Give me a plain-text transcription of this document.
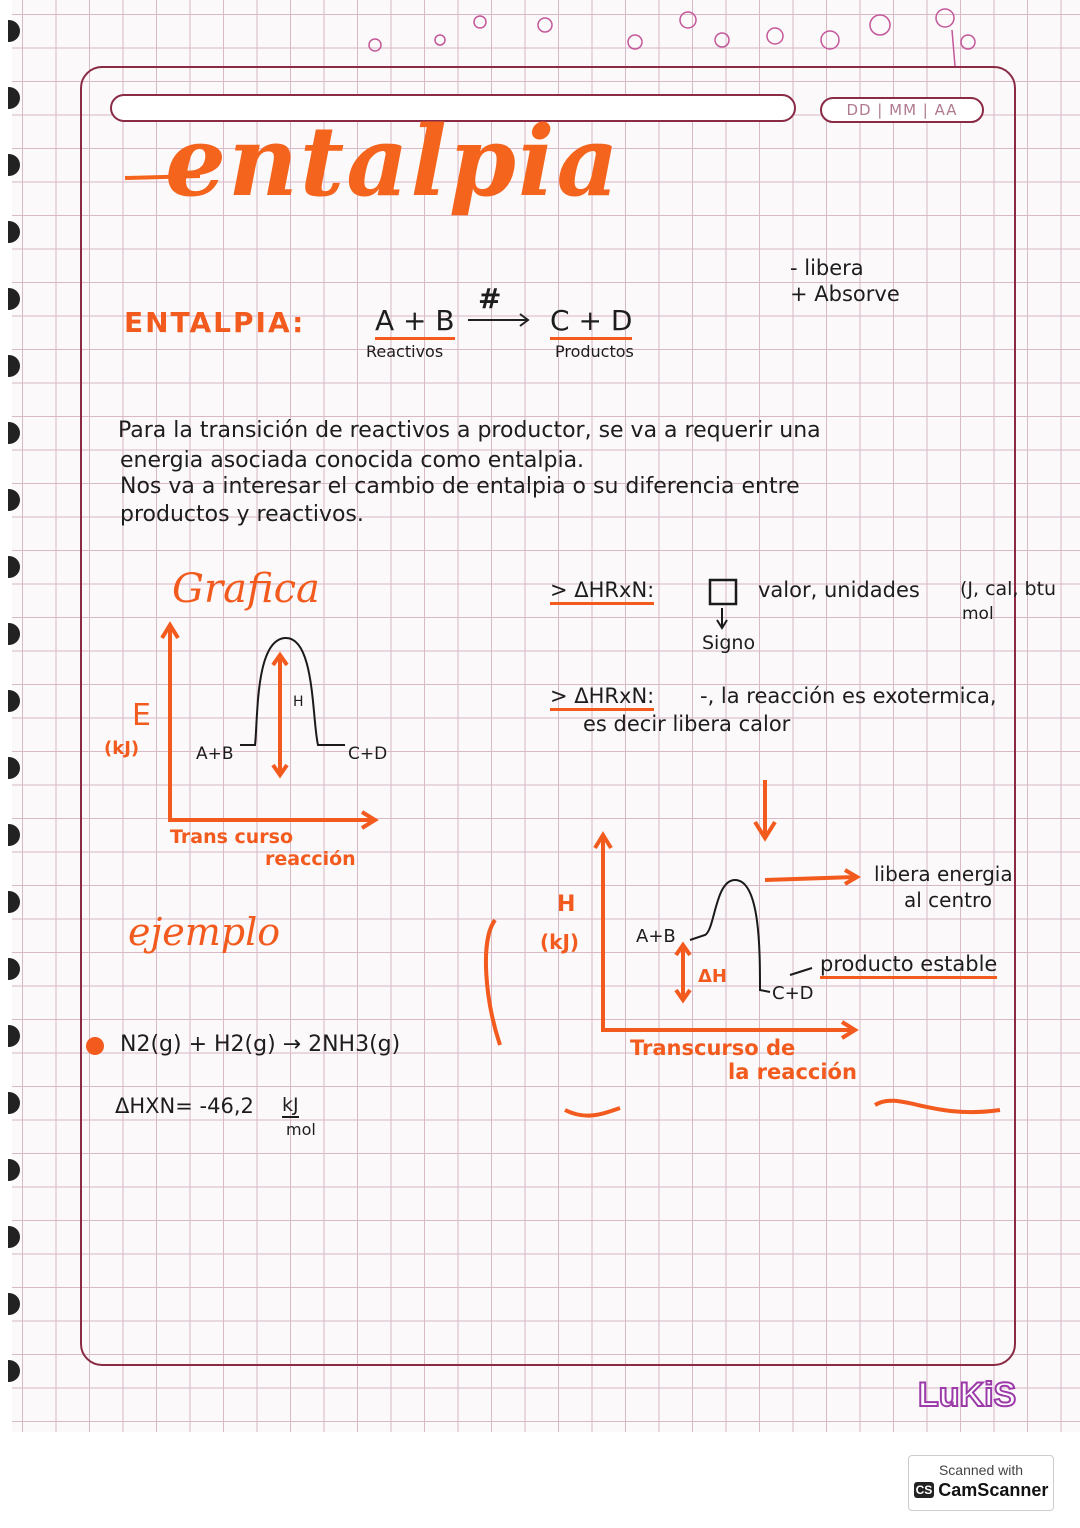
DD | MM | AA
entalpia
- libera
+ Absorve
ENTALPIA: A + B
Reactivos
#
C + D
Productos
Para la transición de reactivos a productor, se va a requerir una
energia asociada conocida como entalpia.
Nos va a interesar el cambio de entalpia o su diferencia entre
productos y reactivos.
Grafica
E
(kJ)	A+B	C+D
H
Trans curso
reacción
> ΔHRxN:	valor, unidades (J, cal, btu
mol
Signo
> ΔHRxN: -, la reacción es exotermica,
es decir libera calor
H
(kJ)	A+B
C+D
ΔH
Transcurso de
la reacción
libera energia
al centro
producto estable
ejemplo
N2(g) + H2(g) → 2NH3(g)
ΔHXN= -46,2 kJ
mol
LuKiS
Scanned with
CS CamScanner
